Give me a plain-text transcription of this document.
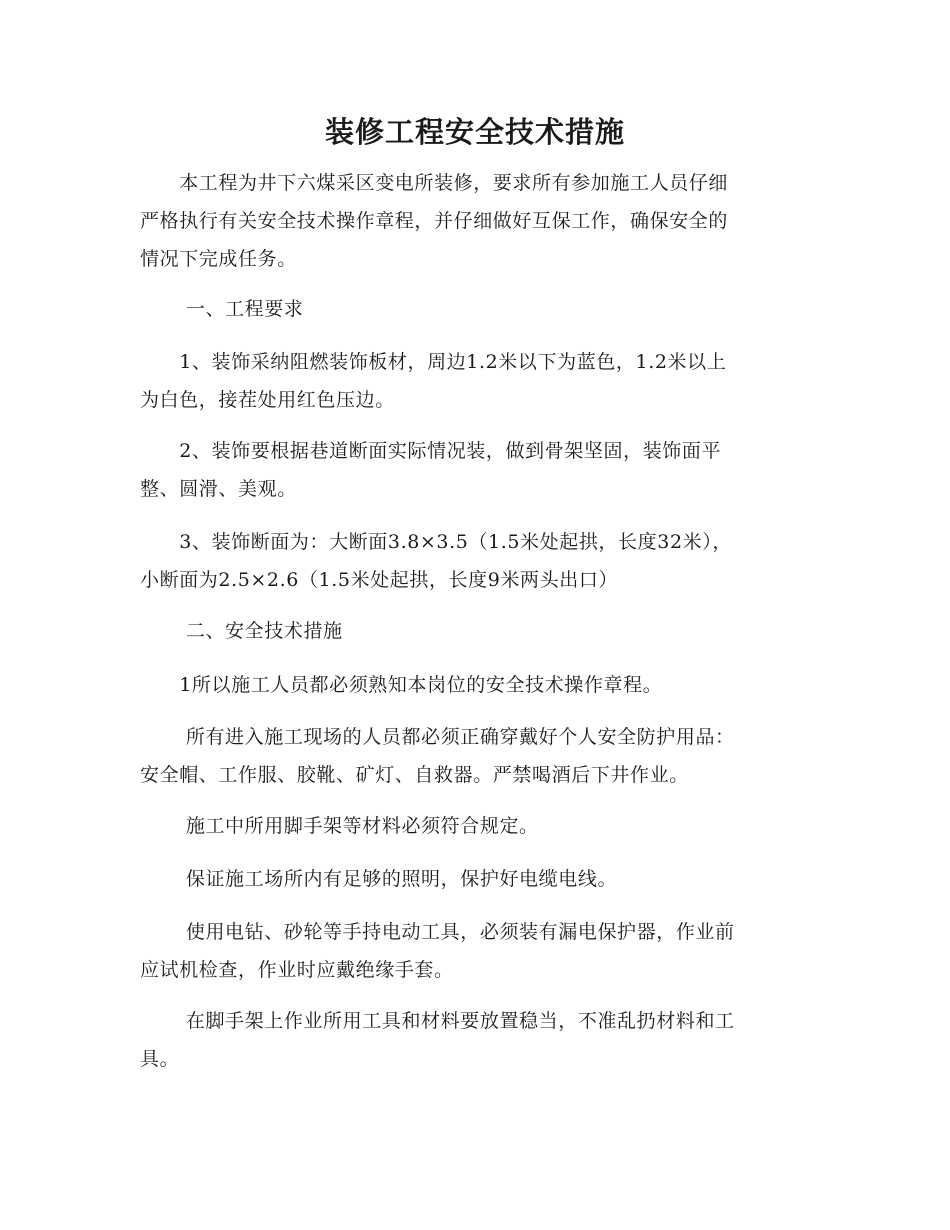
装修工程安全技术措施

　　本工程为井下六煤采区变电所装修，要求所有参加施工人员仔细
严格执行有关安全技术操作章程，并仔细做好互保工作，确保安全的
情况下完成任务。

　　 一、工程要求

　　1、装饰采纳阻燃装饰板材，周边1.2米以下为蓝色，1.2米以上
为白色，接茬处用红色压边。

　　2、装饰要根据巷道断面实际情况装，做到骨架坚固，装饰面平
整、圆滑、美观。

　　3、装饰断面为：大断面3.8×3.5（1.5米处起拱，长度32米），
小断面为2.5×2.6（1.5米处起拱，长度9米两头出口）

　　 二、安全技术措施

　　1所以施工人员都必须熟知本岗位的安全技术操作章程。

　　 所有进入施工现场的人员都必须正确穿戴好个人安全防护用品：
安全帽、工作服、胶靴、矿灯、自救器。严禁喝酒后下井作业。

　　 施工中所用脚手架等材料必须符合规定。

　　 保证施工场所内有足够的照明，保护好电缆电线。

　　 使用电钻、砂轮等手持电动工具，必须装有漏电保护器，作业前
应试机检查，作业时应戴绝缘手套。

　　 在脚手架上作业所用工具和材料要放置稳当，不准乱扔材料和工
具。
